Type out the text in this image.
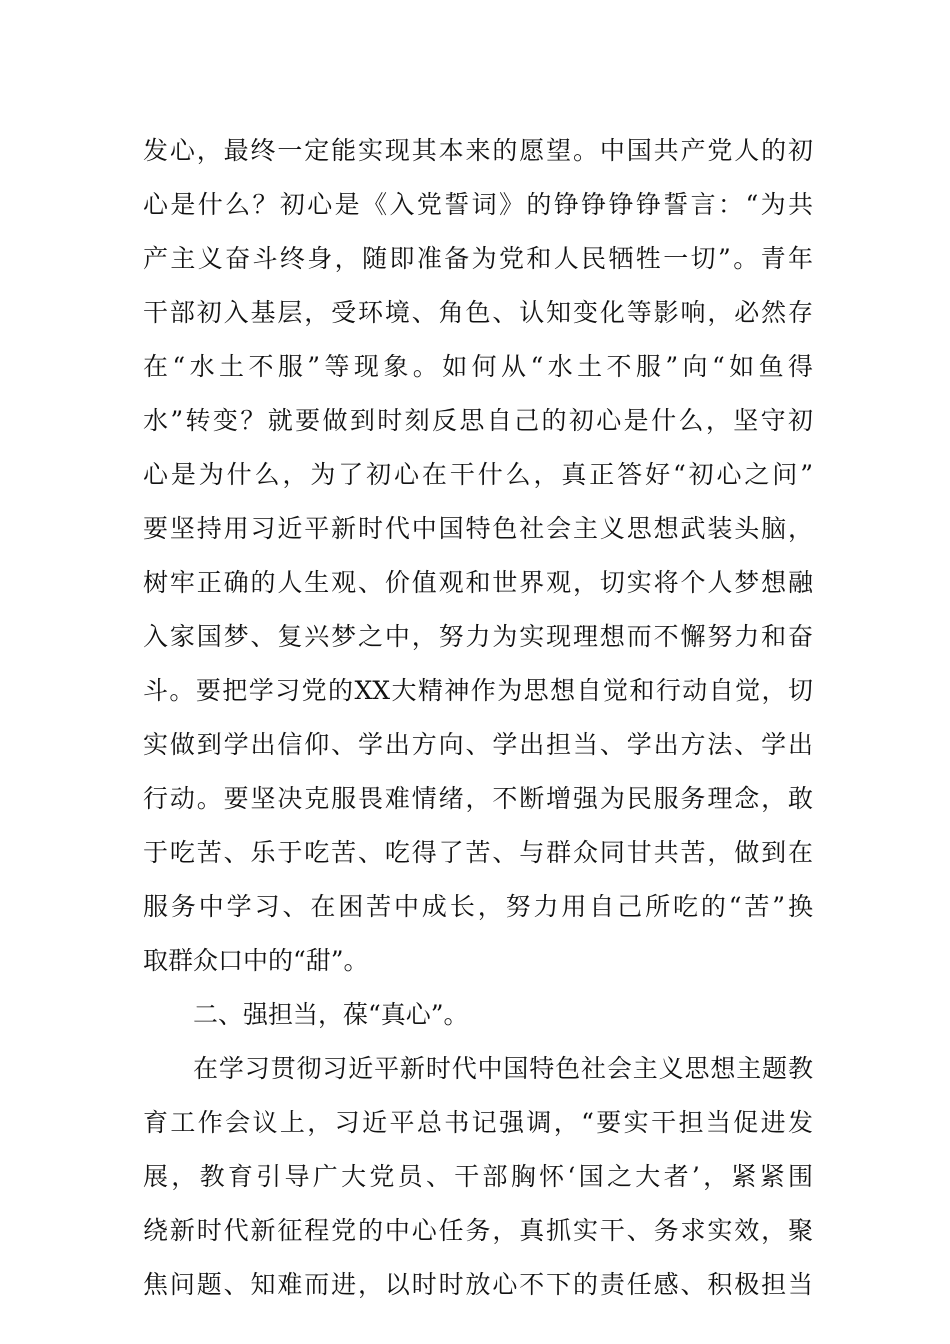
发心，最终一定能实现其本来的愿望。中国共产党人的初
心是什么？初心是《入党誓词》的铮铮铮铮誓言：“为共
产主义奋斗终身，随即准备为党和人民牺牲一切”。青年
干部初入基层，受环境、角色、认知变化等影响，必然存
在“水土不服”等现象。如何从“水土不服”向“如鱼得
水”转变？就要做到时刻反思自己的初心是什么，坚守初
心是为什么，为了初心在干什么，真正答好“初心之问”
要坚持用习近平新时代中国特色社会主义思想武装头脑，
树牢正确的人生观、价值观和世界观，切实将个人梦想融
入家国梦、复兴梦之中，努力为实现理想而不懈努力和奋
斗。要把学习党的XX大精神作为思想自觉和行动自觉，切
实做到学出信仰、学出方向、学出担当、学出方法、学出
行动。要坚决克服畏难情绪，不断增强为民服务理念，敢
于吃苦、乐于吃苦、吃得了苦、与群众同甘共苦，做到在
服务中学习、在困苦中成长，努力用自己所吃的“苦”换
取群众口中的“甜”。
二、强担当，葆“真心”。
在学习贯彻习近平新时代中国特色社会主义思想主题教
育工作会议上，习近平总书记强调，“要实干担当促进发
展，教育引导广大党员、干部胸怀‘国之大者’，紧紧围
绕新时代新征程党的中心任务，真抓实干、务求实效，聚
焦问题、知难而进，以时时放心不下的责任感、积极担当
